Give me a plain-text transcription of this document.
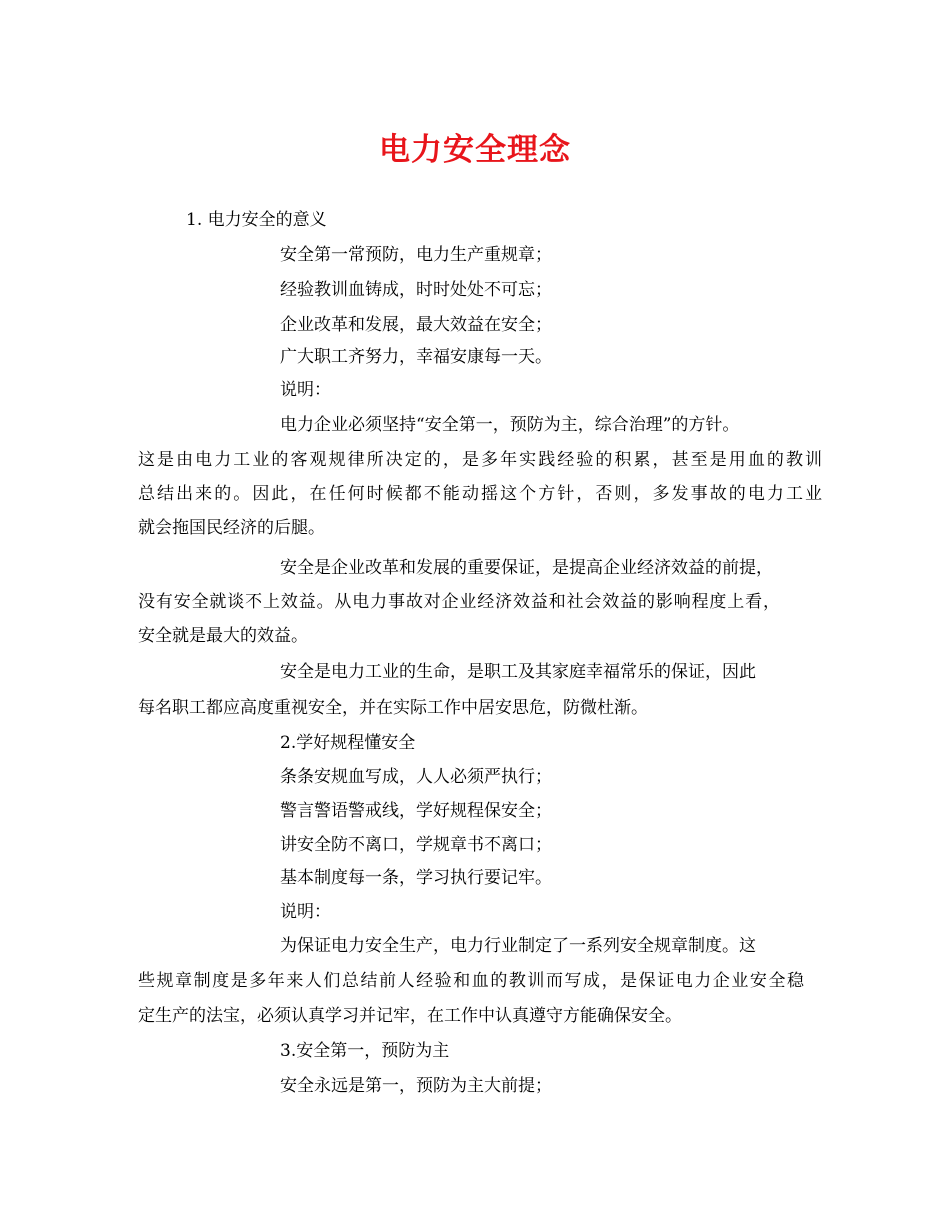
电力安全理念
1. 电力安全的意义
安全第一常预防，电力生产重规章；
经验教训血铸成，时时处处不可忘；
企业改革和发展，最大效益在安全；
广大职工齐努力，幸福安康每一天。
说明：
电力企业必须坚持“安全第一，预防为主，综合治理”的方针。
这是由电力工业的客观规律所决定的，是多年实践经验的积累，甚至是用血的教训
总结出来的。因此，在任何时候都不能动摇这个方针，否则，多发事故的电力工业
就会拖国民经济的后腿。
安全是企业改革和发展的重要保证，是提高企业经济效益的前提，
没有安全就谈不上效益。从电力事故对企业经济效益和社会效益的影响程度上看，
安全就是最大的效益。
安全是电力工业的生命，是职工及其家庭幸福常乐的保证，因此
每名职工都应高度重视安全，并在实际工作中居安思危，防微杜渐。
2.学好规程懂安全
条条安规血写成，人人必须严执行；
警言警语警戒线，学好规程保安全；
讲安全防不离口，学规章书不离口；
基本制度每一条，学习执行要记牢。
说明：
为保证电力安全生产，电力行业制定了一系列安全规章制度。这
些规章制度是多年来人们总结前人经验和血的教训而写成，是保证电力企业安全稳
定生产的法宝，必须认真学习并记牢，在工作中认真遵守方能确保安全。
3.安全第一，预防为主
安全永远是第一，预防为主大前提；
